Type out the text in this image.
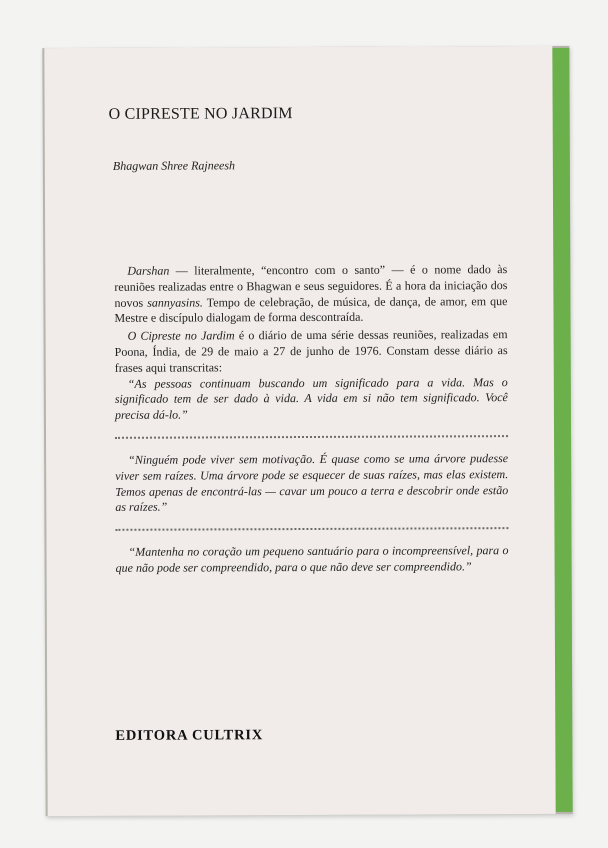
O CIPRESTE NO JARDIM
Bhagwan Shree Rajneesh

Darshan — literalmente, “encontro com o santo” — é o nome dado às reuniões realizadas entre o Bhagwan e seus seguidores. É a hora da iniciação dos novos sannyasins. Tempo de celebração, de música, de dança, de amor, em que Mestre e discípulo dialogam de forma descontraída.

O Cipreste no Jardim é o diário de uma série dessas reuniões, realizadas em Poona, Índia, de 29 de maio a 27 de junho de 1976. Constam desse diário as frases aqui transcritas:

“As pessoas continuam buscando um significado para a vida. Mas o significado tem de ser dado à vida. A vida em si não tem significado. Você precisa dá-lo.”

“Ninguém pode viver sem motivação. É quase como se uma árvore pudesse viver sem raízes. Uma árvore pode se esquecer de suas raízes, mas elas existem. Temos apenas de encontrá-las — cavar um pouco a terra e descobrir onde estão as raízes.”

“Mantenha no coração um pequeno santuário para o incompreensível, para o que não pode ser compreendido, para o que não deve ser compreendido.”

EDITORA CULTRIX
